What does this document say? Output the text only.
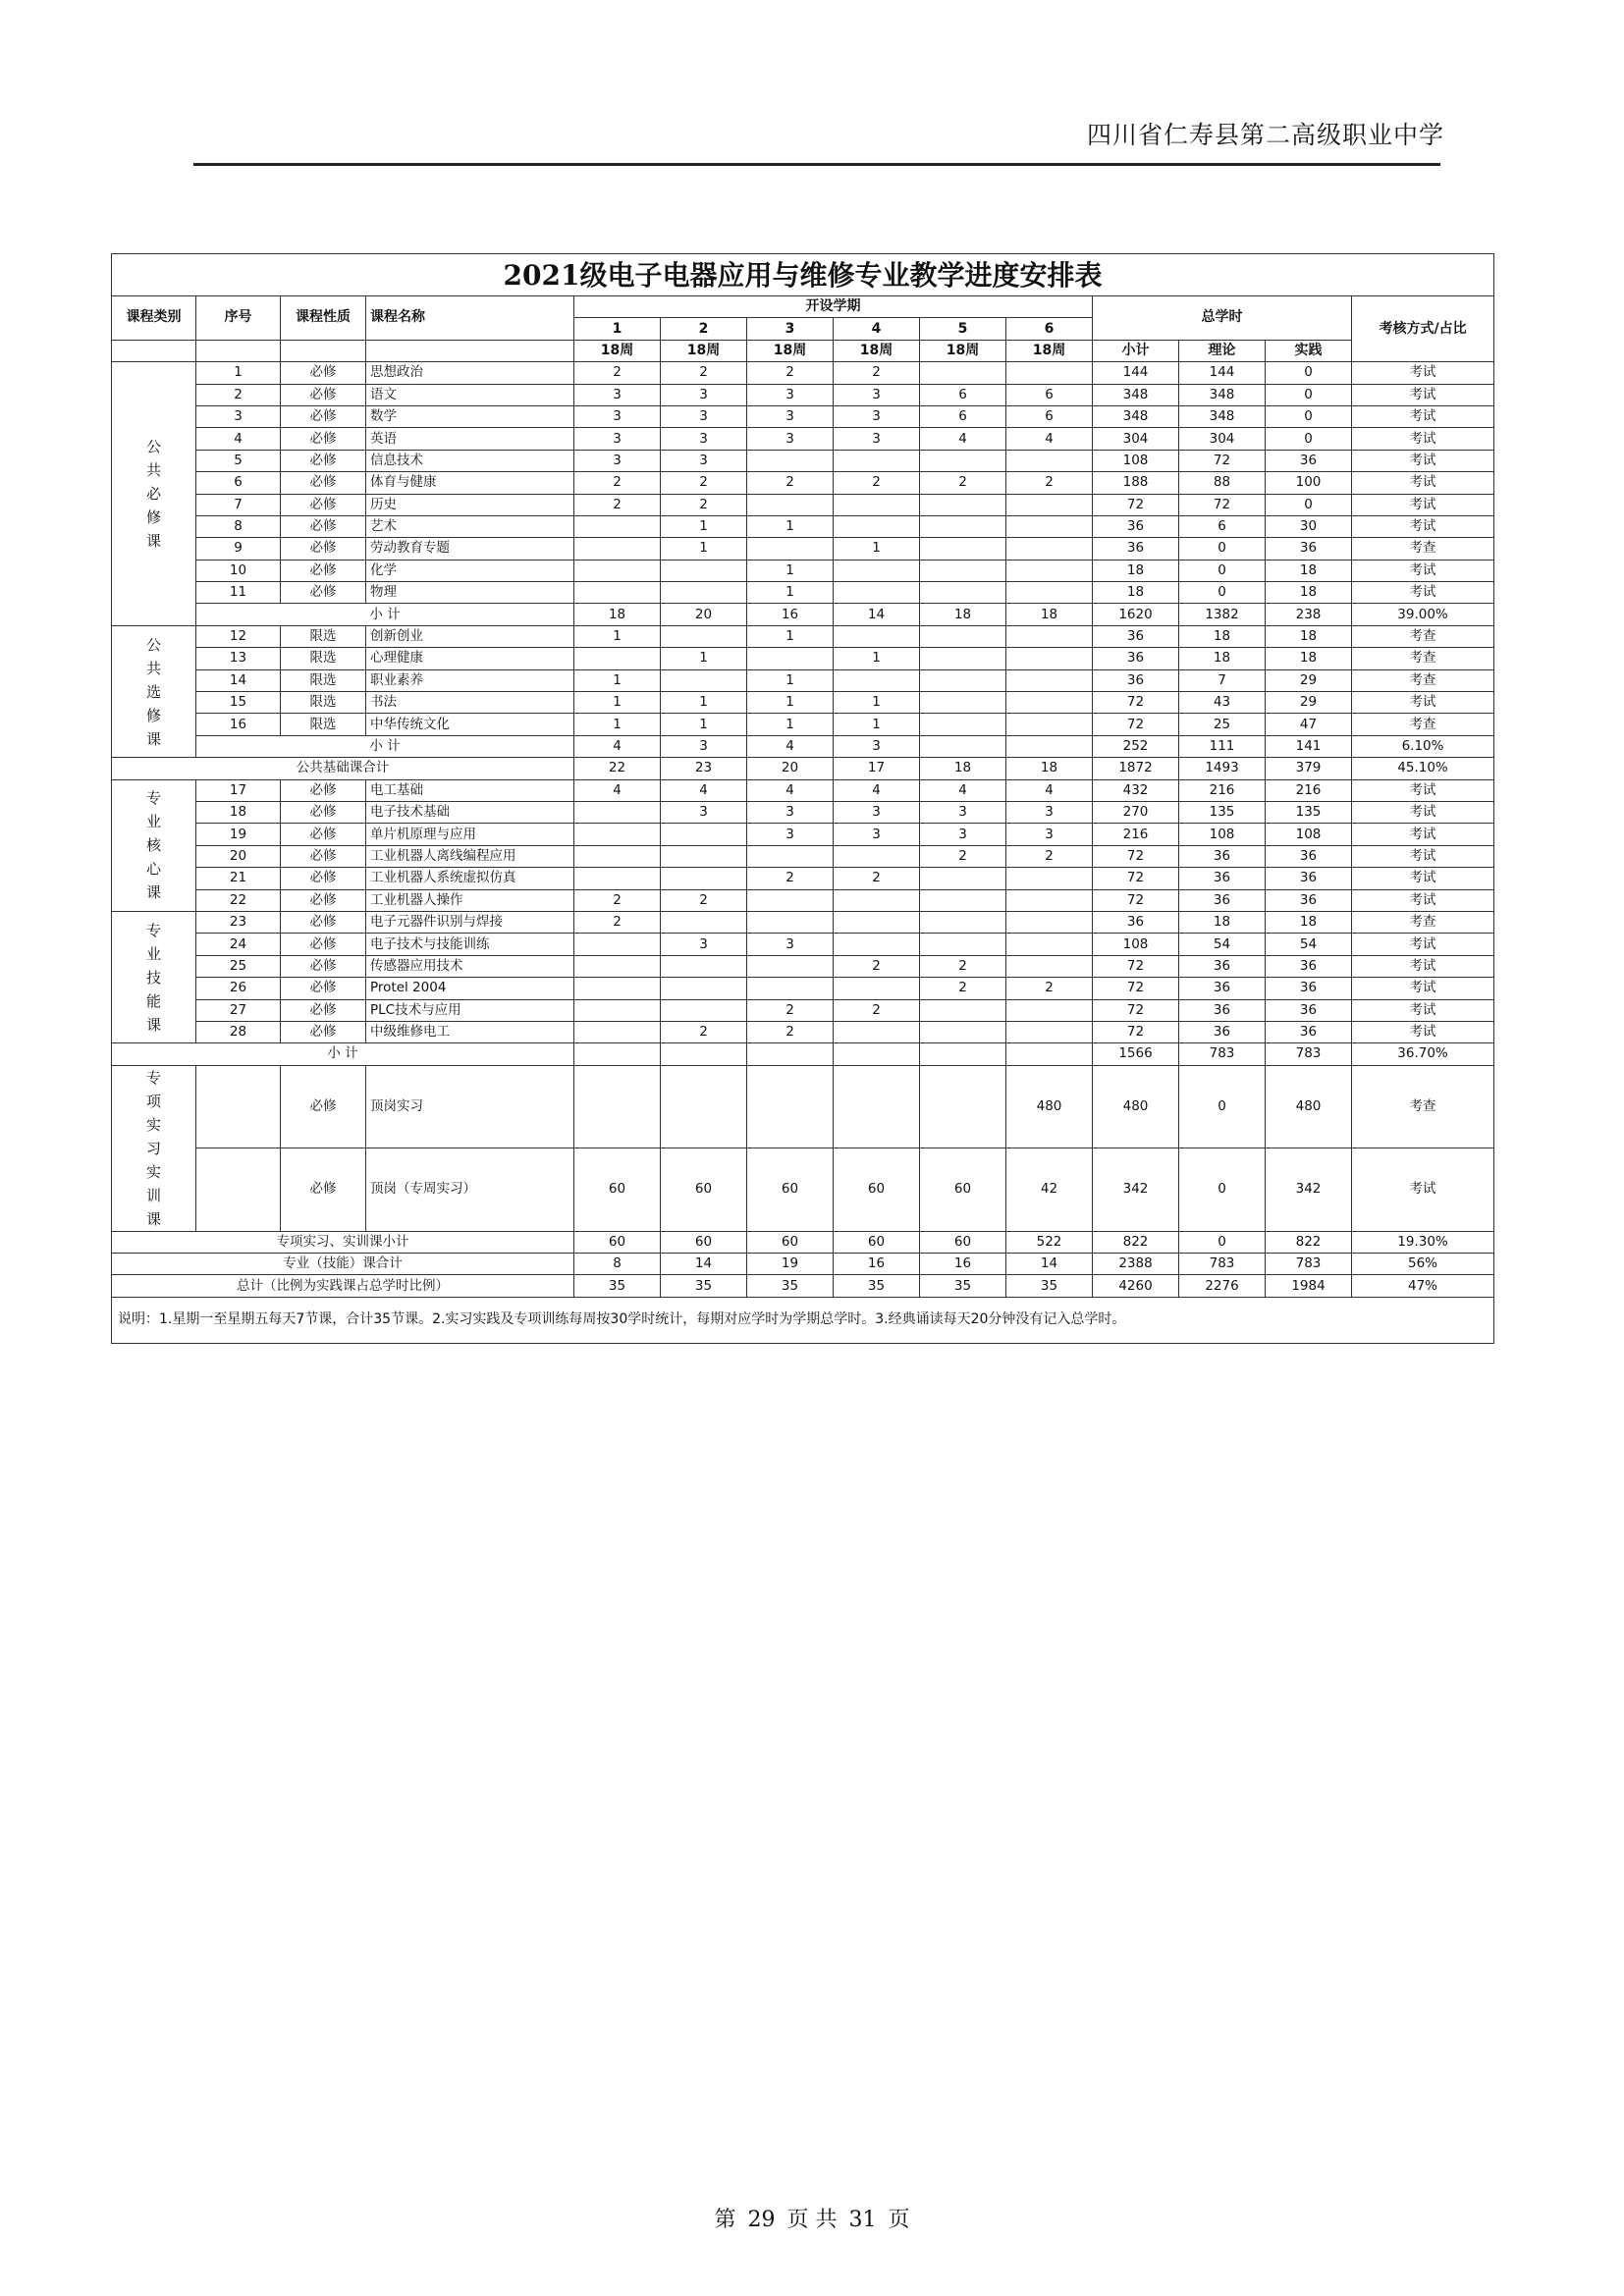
四川省仁寿县第二高级职业中学
2021级电子电器应用与维修专业教学进度安排表													
课程类别	序号	课程性质	课程名称	开设学期						总学时			考核方式/占比
				1	2	3	4	5	6				
				18周	18周	18周	18周	18周	18周	小计	理论	实践	
公共必修课	1	必修	思想政治	2	2	2	2			144	144	0	考试
	2	必修	语文	3	3	3	3	6	6	348	348	0	考试
	3	必修	数学	3	3	3	3	6	6	348	348	0	考试
	4	必修	英语	3	3	3	3	4	4	304	304	0	考试
	5	必修	信息技术	3	3					108	72	36	考试
	6	必修	体育与健康	2	2	2	2	2	2	188	88	100	考试
	7	必修	历史	2	2					72	72	0	考试
	8	必修	艺术		1	1				36	6	30	考试
	9	必修	劳动教育专题		1		1			36	0	36	考查
	10	必修	化学			1				18	0	18	考试
	11	必修	物理			1				18	0	18	考试
	小 计			18	20	16	14	18	18	1620	1382	238	39.00%
公共选修课	12	限选	创新创业	1		1				36	18	18	考查
	13	限选	心理健康		1		1			36	18	18	考查
	14	限选	职业素养	1		1				36	7	29	考查
	15	限选	书法	1	1	1	1			72	43	29	考试
	16	限选	中华传统文化	1	1	1	1			72	25	47	考查
	小 计			4	3	4	3			252	111	141	6.10%
公共基础课合计				22	23	20	17	18	18	1872	1493	379	45.10%
专业核心课	17	必修	电工基础	4	4	4	4	4	4	432	216	216	考试
	18	必修	电子技术基础		3	3	3	3	3	270	135	135	考试
	19	必修	单片机原理与应用			3	3	3	3	216	108	108	考试
	20	必修	工业机器人离线编程应用					2	2	72	36	36	考试
	21	必修	工业机器人系统虚拟仿真			2	2			72	36	36	考试
	22	必修	工业机器人操作	2	2					72	36	36	考试
专业技能课	23	必修	电子元器件识别与焊接	2						36	18	18	考查
	24	必修	电子技术与技能训练		3	3				108	54	54	考试
	25	必修	传感器应用技术				2	2		72	36	36	考试
	26	必修	Protel 2004					2	2	72	36	36	考试
	27	必修	PLC技术与应用			2	2			72	36	36	考试
	28	必修	中级维修电工		2	2				72	36	36	考试
小 计										1566	783	783	36.70%
专项实习实训课		必修	顶岗实习						480	480	0	480	考查
		必修	顶岗（专周实习）	60	60	60	60	60	42	342	0	342	考试
专项实习、实训课小计				60	60	60	60	60	522	822	0	822	19.30%
专业（技能）课合计				8	14	19	16	16	14	2388	783	783	56%
总计（比例为实践课占总学时比例）				35	35	35	35	35	35	4260	2276	1984	47%
说明：1.星期一至星期五每天7节课，合计35节课。2.实习实践及专项训练每周按30学时统计，每期对应学时为学期总学时。3.经典诵读每天20分钟没有记入总学时。													
第 29 页 共 31 页
